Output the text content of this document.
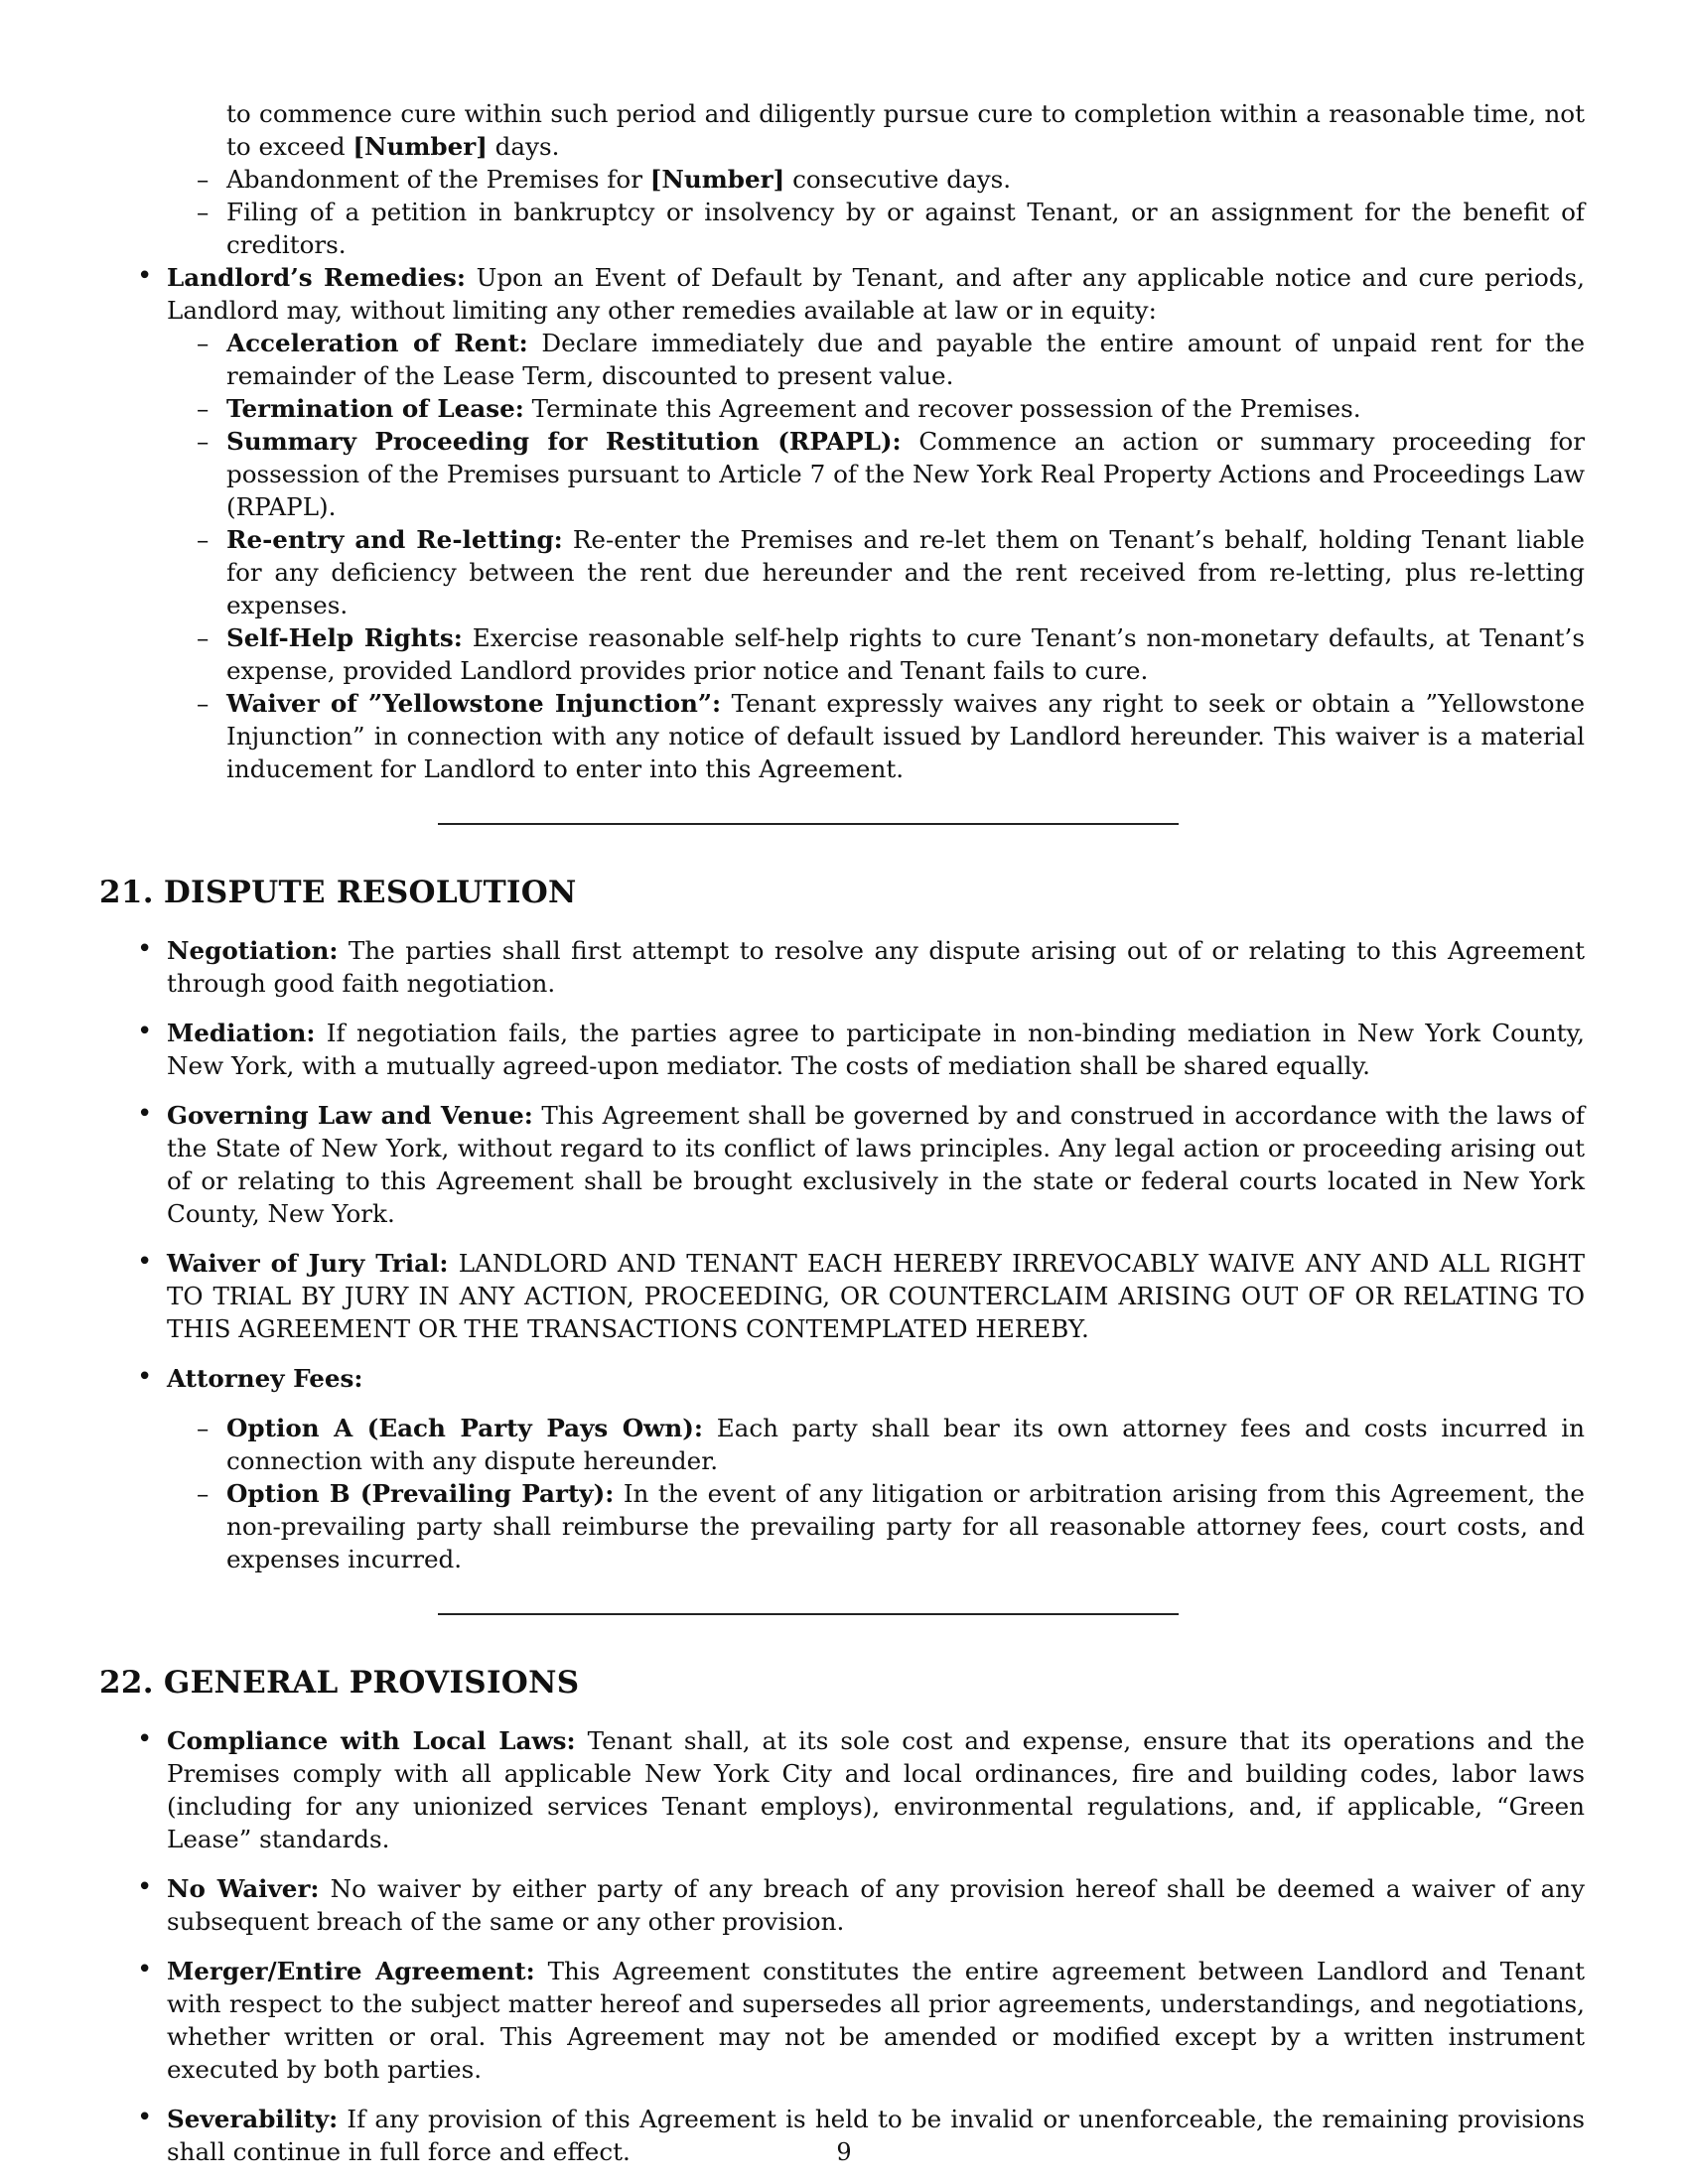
to commence cure within such period and diligently pursue cure to completion within a reasonable time, not to exceed [Number] days.

– Abandonment of the Premises for [Number] consecutive days.
– Filing of a petition in bankruptcy or insolvency by or against Tenant, or an assignment for the benefit of creditors.
• Landlord’s Remedies: Upon an Event of Default by Tenant, and after any applicable notice and cure periods, Landlord may, without limiting any other remedies available at law or in equity:
– Acceleration of Rent: Declare immediately due and payable the entire amount of unpaid rent for the remainder of the Lease Term, discounted to present value.
– Termination of Lease: Terminate this Agreement and recover possession of the Premises.
– Summary Proceeding for Restitution (RPAPL): Commence an action or summary proceeding for possession of the Premises pursuant to Article 7 of the New York Real Property Actions and Proceedings Law (RPAPL).
– Re-entry and Re-letting: Re-enter the Premises and re-let them on Tenant’s behalf, holding Tenant liable for any deficiency between the rent due hereunder and the rent received from re-letting, plus re-letting expenses.
– Self-Help Rights: Exercise reasonable self-help rights to cure Tenant’s non-monetary defaults, at Tenant’s expense, provided Landlord provides prior notice and Tenant fails to cure.
– Waiver of ”Yellowstone Injunction”: Tenant expressly waives any right to seek or obtain a ”Yellowstone Injunction” in connection with any notice of default issued by Landlord hereunder. This waiver is a material inducement for Landlord to enter into this Agreement.
21. DISPUTE RESOLUTION
• Negotiation: The parties shall first attempt to resolve any dispute arising out of or relating to this Agreement through good faith negotiation.
• Mediation: If negotiation fails, the parties agree to participate in non-binding mediation in New York County, New York, with a mutually agreed-upon mediator. The costs of mediation shall be shared equally.
• Governing Law and Venue: This Agreement shall be governed by and construed in accordance with the laws of the State of New York, without regard to its conflict of laws principles. Any legal action or proceeding arising out of or relating to this Agreement shall be brought exclusively in the state or federal courts located in New York County, New York.
• Waiver of Jury Trial: LANDLORD AND TENANT EACH HEREBY IRREVOCABLY WAIVE ANY AND ALL RIGHT TO TRIAL BY JURY IN ANY ACTION, PROCEEDING, OR COUNTERCLAIM ARISING OUT OF OR RELATING TO THIS AGREEMENT OR THE TRANSACTIONS CONTEMPLATED HEREBY.
• Attorney Fees:
– Option A (Each Party Pays Own): Each party shall bear its own attorney fees and costs incurred in connection with any dispute hereunder.
– Option B (Prevailing Party): In the event of any litigation or arbitration arising from this Agreement, the non-prevailing party shall reimburse the prevailing party for all reasonable attorney fees, court costs, and expenses incurred.
22. GENERAL PROVISIONS
• Compliance with Local Laws: Tenant shall, at its sole cost and expense, ensure that its operations and the Premises comply with all applicable New York City and local ordinances, fire and building codes, labor laws (including for any unionized services Tenant employs), environmental regulations, and, if applicable, “Green Lease” standards.
• No Waiver: No waiver by either party of any breach of any provision hereof shall be deemed a waiver of any subsequent breach of the same or any other provision.
• Merger/Entire Agreement: This Agreement constitutes the entire agreement between Landlord and Tenant with respect to the subject matter hereof and supersedes all prior agreements, understandings, and negotiations, whether written or oral. This Agreement may not be amended or modified except by a written instrument executed by both parties.
• Severability: If any provision of this Agreement is held to be invalid or unenforceable, the remaining provisions shall continue in full force and effect.	9
